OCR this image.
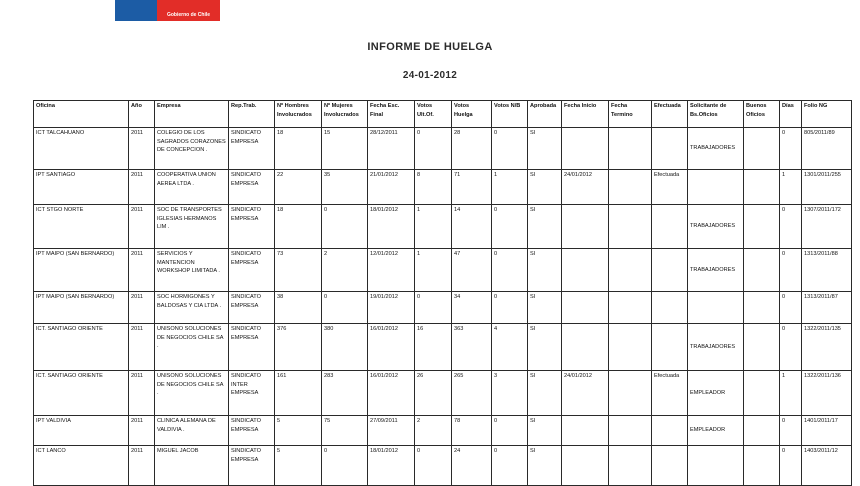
Gobierno de Chile
INFORME DE HUELGA
24-01-2012
Oficina	Año	Empresa	Rep.Trab.	Nº Hombres Involucrados	Nº Mujeres Involucrados	Fecha Esc. Final	Votos Ult.Of.	Votos Huelga	Votos N/B	Aprobada	Fecha Inicio	Fecha Termino	Efectuada	Solicitante de Bs.Oficios	Buenos Oficios	Días	Folio NG
ICT TALCAHUANO	2011	COLEGIO DE LOS SAGRADOS CORAZONES DE CONCEPCION .	SINDICATO EMPRESA	18	15	28/12/2011	0	28	0	SI				TRABAJADORES		0	805/2011/89
IPT SANTIAGO	2011	COOPERATIVA UNION AEREA LTDA .	SINDICATO EMPRESA	22	35	21/01/2012	8	71	1	SI	24/01/2012		Efectuada			1	1301/2011/255
ICT STGO NORTE	2011	SOC DE TRANSPORTES IGLESIAS HERMANOS LIM .	SINDICATO EMPRESA	18	0	18/01/2012	1	14	0	SI				TRABAJADORES		0	1307/2011/172
IPT MAIPO (SAN BERNARDO)	2011	SERVICIOS Y MANTENCION WORKSHOP LIMITADA .	SINDICATO EMPRESA	73	2	12/01/2012	1	47	0	SI				TRABAJADORES		0	1313/2011/88
IPT MAIPO (SAN BERNARDO)	2011	SOC HORMIGONES Y BALDOSAS Y CIA LTDA .	SINDICATO EMPRESA	38	0	19/01/2012	0	34	0	SI						0	1313/2011/87
ICT. SANTIAGO ORIENTE	2011	UNISONO SOLUCIONES DE NEGOCIOS CHILE SA .	SINDICATO EMPRESA	376	380	16/01/2012	16	363	4	SI				TRABAJADORES		0	1322/2011/135
ICT. SANTIAGO ORIENTE	2011	UNISONO SOLUCIONES DE NEGOCIOS CHILE SA .	SINDICATO INTER EMPRESA	161	283	16/01/2012	26	265	3	SI	24/01/2012		Efectuada	EMPLEADOR		1	1322/2011/136
IPT VALDIVIA	2011	CLINICA ALEMANA DE VALDIVIA .	SINDICATO EMPRESA	5	75	27/09/2011	2	78	0	SI				EMPLEADOR		0	1401/2011/17
ICT LANCO	2011	MIGUEL JACOB	SINDICATO EMPRESA	5	0	18/01/2012	0	24	0	SI						0	1403/2011/12
